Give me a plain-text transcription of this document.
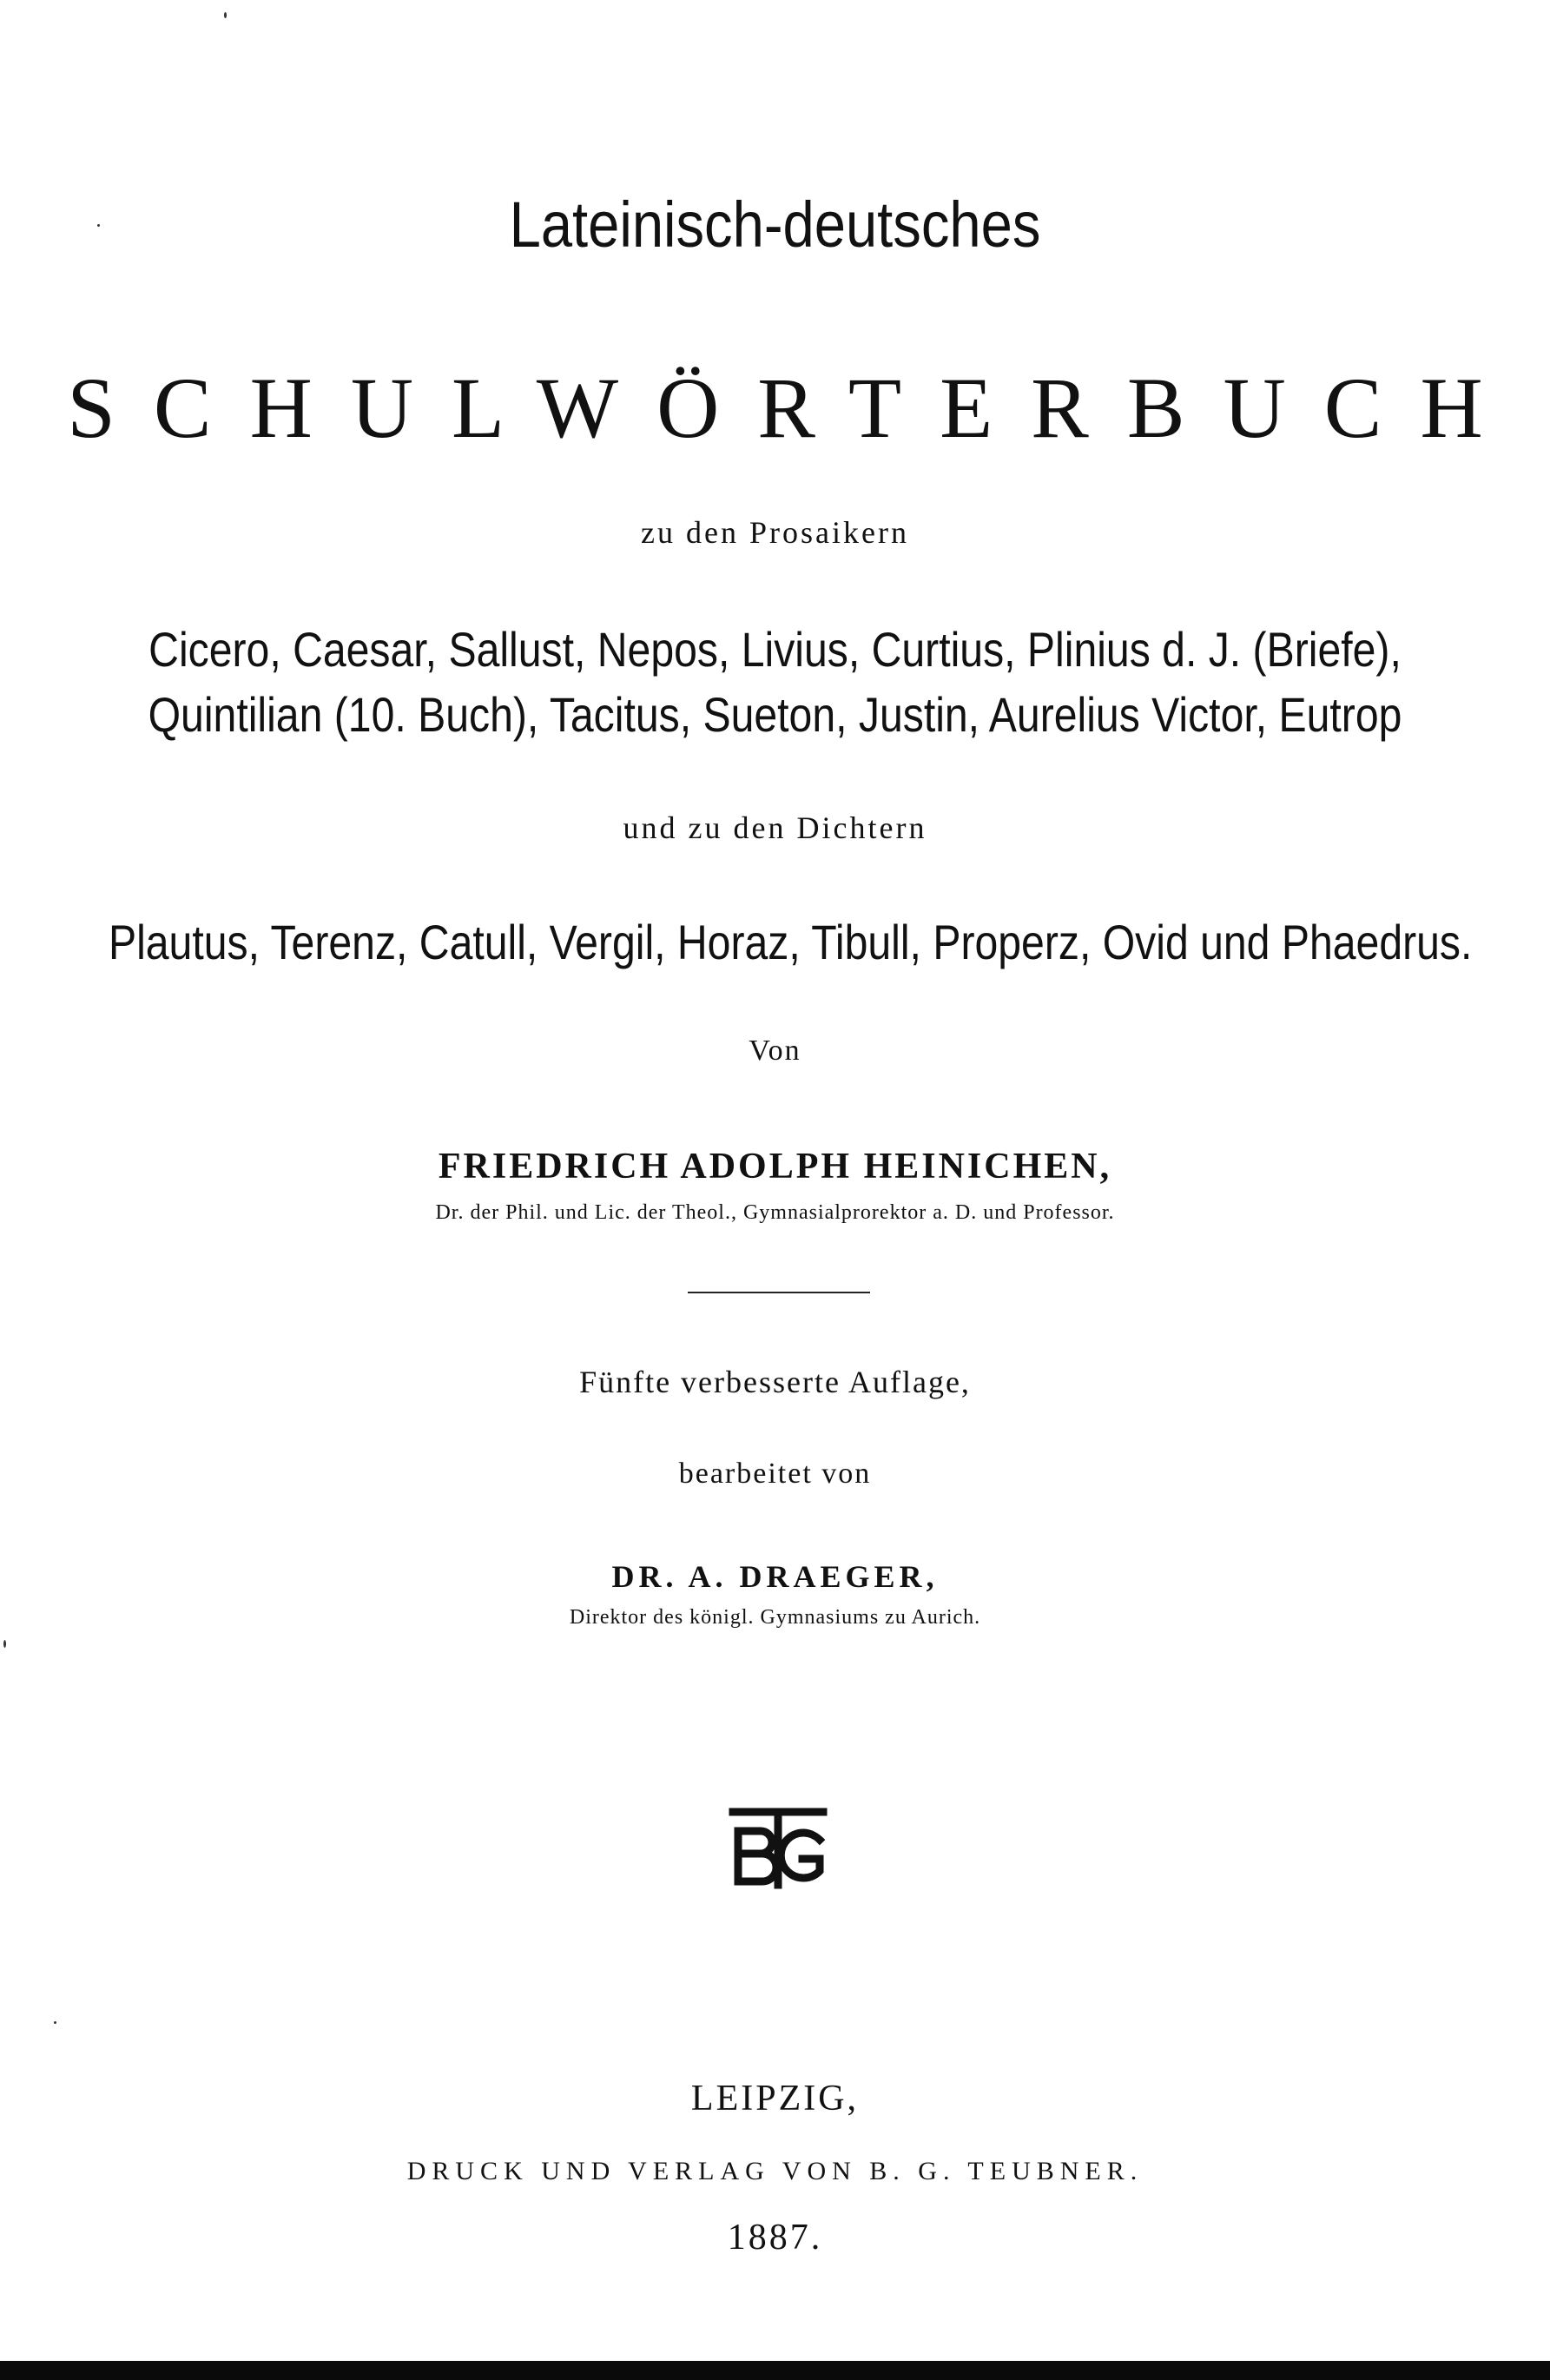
Lateinisch-deutsches
SCHULWÖRTERBUCH
zu den Prosaikern
Cicero, Caesar, Sallust, Nepos, Livius, Curtius, Plinius d. J. (Briefe),
Quintilian (10. Buch), Tacitus, Sueton, Justin, Aurelius Victor, Eutrop
und zu den Dichtern
Plautus, Terenz, Catull, Vergil, Horaz, Tibull, Properz, Ovid und Phaedrus.
Von
FRIEDRICH ADOLPH HEINICHEN,
Dr. der Phil. und Lic. der Theol., Gymnasialprorektor a. D. und Professor.
Fünfte verbesserte Auflage,
bearbeitet von
DR. A. DRAEGER,
Direktor des königl. Gymnasiums zu Aurich.
LEIPZIG,
DRUCK UND VERLAG VON B. G. TEUBNER.
1887.
